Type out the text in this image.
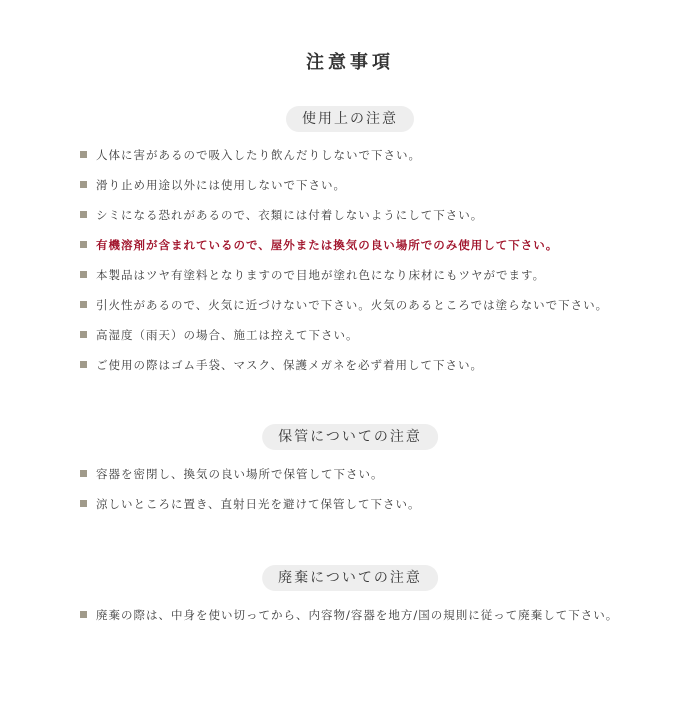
注意事項
使用上の注意
人体に害があるので吸入したり飲んだりしないで下さい。
滑り止め用途以外には使用しないで下さい。
シミになる恐れがあるので、衣類には付着しないようにして下さい。
有機溶剤が含まれているので、屋外または換気の良い場所でのみ使用して下さい。
本製品はツヤ有塗料となりますので目地が塗れ色になり床材にもツヤがでます。
引火性があるので、火気に近づけないで下さい。火気のあるところでは塗らないで下さい。
高湿度（雨天）の場合、施工は控えて下さい。
ご使用の際はゴム手袋、マスク、保護メガネを必ず着用して下さい。
保管についての注意
容器を密閉し、換気の良い場所で保管して下さい。
涼しいところに置き、直射日光を避けて保管して下さい。
廃棄についての注意
廃棄の際は、中身を使い切ってから、内容物/容器を地方/国の規則に従って廃棄して下さい。
